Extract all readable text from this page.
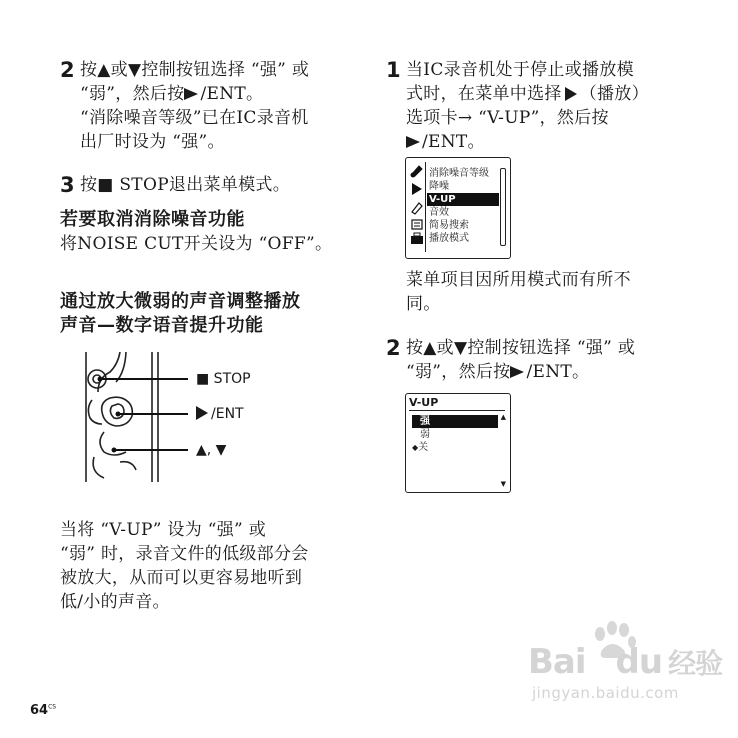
2 按▲或▼控制按钮选择 “强” 或
“弱”，然后按 /ENT。
“消除噪音等级”已在IC录音机
出厂时设为 “强”。
3 按■ STOP退出菜单模式。
若要取消消除噪音功能
将NOISE CUT开关设为 “OFF”。
通过放大微弱的声音调整播放
声音—数字语音提升功能
■ STOP
/ENT
▲, ▼
当将 “V-UP” 设为 “强” 或
“弱” 时，录音文件的低级部分会
被放大，从而可以更容易地听到
低/小的声音。
1 当IC录音机处于停止或播放模
式时，在菜单中选择 （播放）
选项卡→ “V-UP”，然后按
/ENT。
消除噪音等级
降噪
V-UP
音效
简易搜索
播放模式
菜单项目因所用模式而有所不
同。
2 按▲或▼控制按钮选择 “强” 或
“弱”，然后按 /ENT。
V-UP
强
弱
◆关
▲
▼
$64^{CS}$
Bai du 经验
jingyan.baidu.com
